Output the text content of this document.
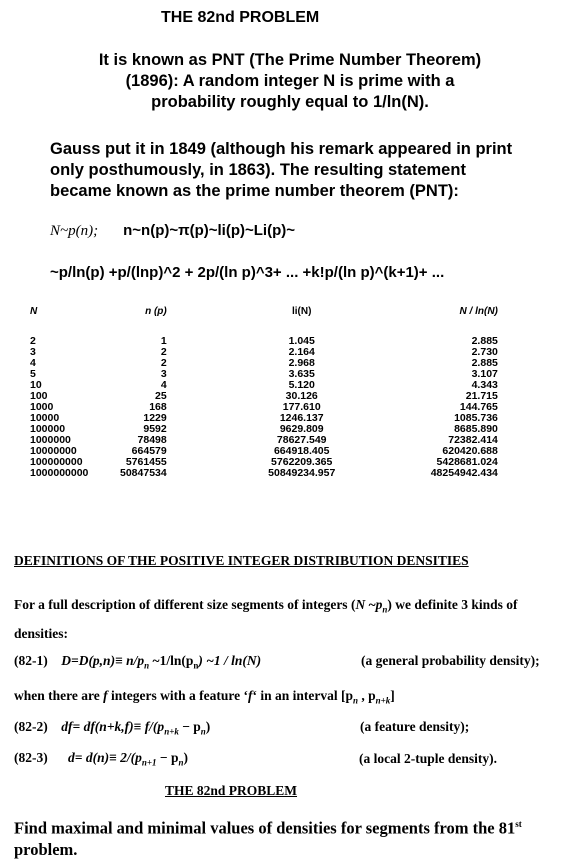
THE 82nd PROBLEM
It is known as PNT (The Prime Number Theorem)
(1896): A random integer N is prime with a
probability roughly equal to 1/ln(N).
Gauss put it in 1849 (although his remark appeared in print
only posthumously, in 1863). The resulting statement
became known as the prime number theorem (PNT):
N~p(n); n~n(p)~π(p)~li(p)~Li(p)~
~p/ln(p) +p/(lnp)^2 + 2p/(ln p)^3+ ... +k!p/(ln p)^(k+1)+ ...
N	n (p)	li(N)	N / ln(N)
2	1	1.045	2.885
3	2	2.164	2.730
4	2	2.968	2.885
5	3	3.635	3.107
10	4	5.120	4.343
100	25	30.126	21.715
1000	168	177.610	144.765
10000	1229	1246.137	1085.736
100000	9592	9629.809	8685.890
1000000	78498	78627.549	72382.414
10000000	664579	664918.405	620420.688
100000000	5761455	5762209.365	5428681.024
1000000000	50847534	50849234.957	48254942.434
DEFINITIONS OF THE POSITIVE INTEGER DISTRIBUTION DENSITIES
For a full description of different size segments of integers (N $\sim p_n$) we definite 3 kinds of densities:
(82-1) $D=D(p,n)\equiv n/p_n$ $\sim 1/\ln(p_n)$ ~1 / ln(N)	(a general probability density);
when there are f integers with a feature ‘f‘ in an interval [$p_n$ , $p_{n+k}$]
(82-2) $df= df(n+k,f)\equiv f/(p_{n+k} - p_n)$	(a feature density);
(82-3) $d= d(n)\equiv 2/(p_{n+1} - p_n)$	(a local 2-tuple density).
THE 82nd PROBLEM
Find maximal and minimal values of densities for segments from the 81st
problem.
